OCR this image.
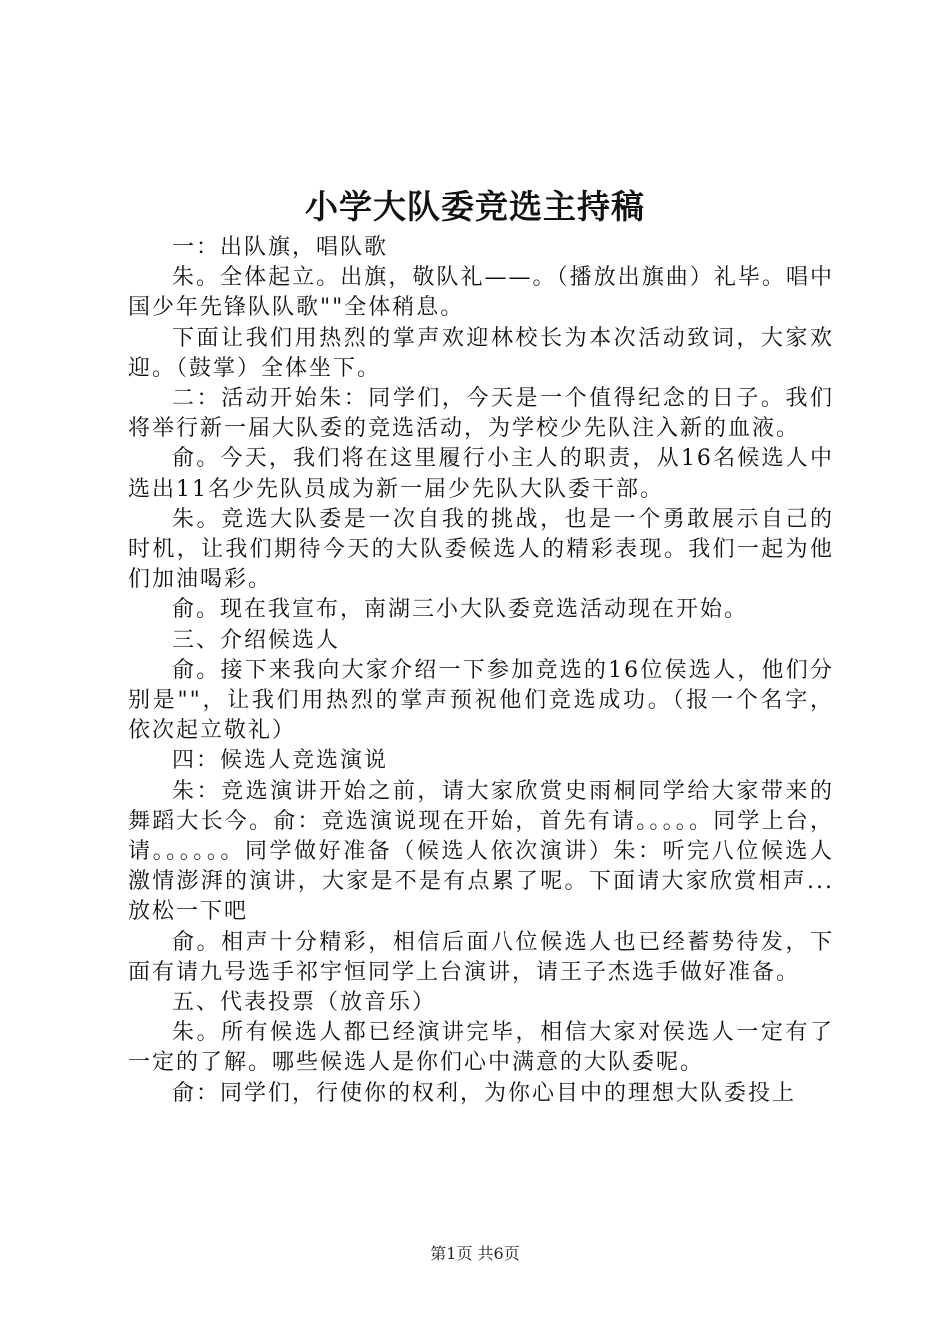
小学大队委竞选主持稿

一：出队旗，唱队歌

朱。全体起立。出旗，敬队礼——。（播放出旗曲）礼毕。唱中国少年先锋队队歌""全体稍息。

下面让我们用热烈的掌声欢迎林校长为本次活动致词，大家欢迎。（鼓掌）全体坐下。

二：活动开始朱：同学们，今天是一个值得纪念的日子。我们将举行新一届大队委的竞选活动，为学校少先队注入新的血液。

俞。今天，我们将在这里履行小主人的职责，从16名候选人中选出11名少先队员成为新一届少先队大队委干部。

朱。竞选大队委是一次自我的挑战，也是一个勇敢展示自己的时机，让我们期待今天的大队委候选人的精彩表现。我们一起为他们加油喝彩。

俞。现在我宣布，南湖三小大队委竞选活动现在开始。

三、介绍候选人

俞。接下来我向大家介绍一下参加竞选的16位侯选人，他们分别是""，让我们用热烈的掌声预祝他们竞选成功。（报一个名字，依次起立敬礼）

四：候选人竞选演说

朱：竞选演讲开始之前，请大家欣赏史雨桐同学给大家带来的舞蹈大长今。俞：竞选演说现在开始，首先有请。。。。。同学上台，请。。。。。。同学做好准备（候选人依次演讲）朱：听完八位候选人激情澎湃的演讲，大家是不是有点累了呢。下面请大家欣赏相声...放松一下吧

俞。相声十分精彩，相信后面八位候选人也已经蓄势待发，下面有请九号选手祁宇恒同学上台演讲，请王子杰选手做好准备。

五、代表投票（放音乐）

朱。所有候选人都已经演讲完毕，相信大家对侯选人一定有了一定的了解。哪些候选人是你们心中满意的大队委呢。

俞：同学们，行使你的权利，为你心目中的理想大队委投上

第1页 共6页
